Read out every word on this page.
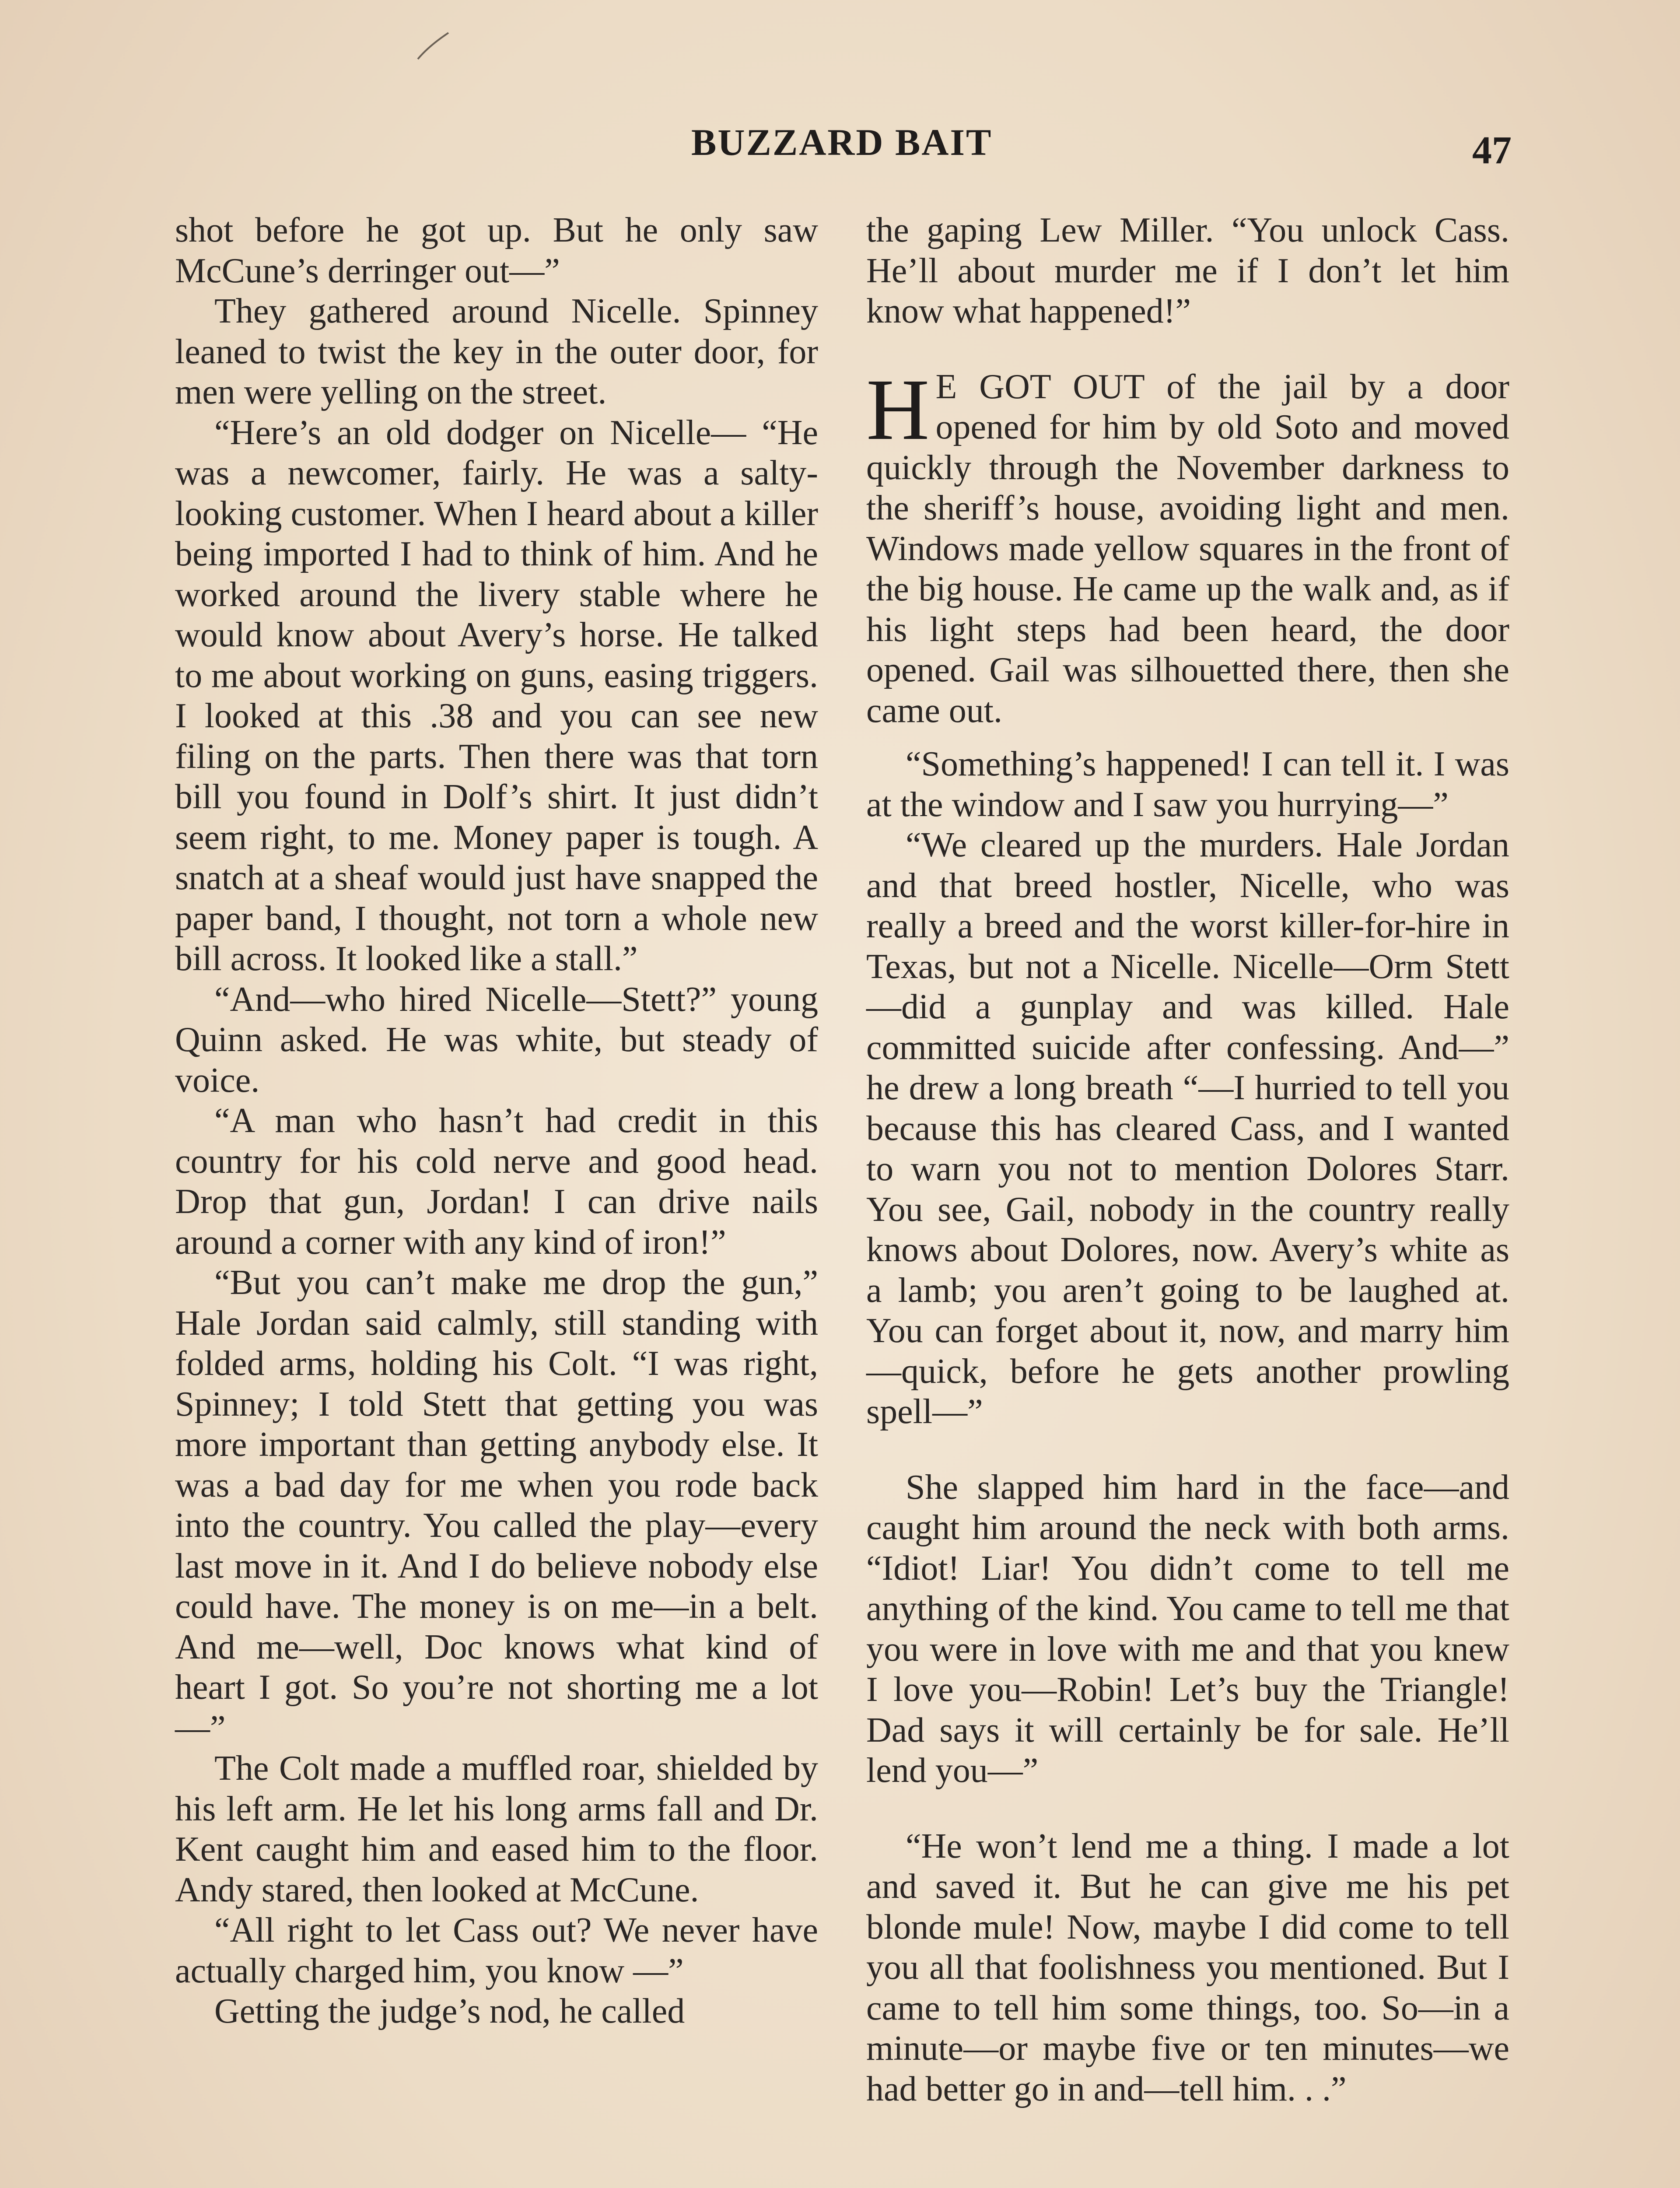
BUZZARD BAIT	47

shot before he got up. But he only saw McCune’s derringer out—”

They gathered around Nicelle. Spinney leaned to twist the key in the outer door, for men were yelling on the street.

“Here’s an old dodger on Nicelle— “He was a newcomer, fairly. He was a salty-looking customer. When I heard about a killer being imported I had to think of him. And he worked around the livery stable where he would know about Avery’s horse. He talked to me about working on guns, easing triggers. I looked at this .38 and you can see new filing on the parts. Then there was that torn bill you found in Dolf’s shirt. It just didn’t seem right, to me. Money paper is tough. A snatch at a sheaf would just have snapped the paper band, I thought, not torn a whole new bill across. It looked like a stall.”

“And—who hired Nicelle—Stett?” young Quinn asked. He was white, but steady of voice.

“A man who hasn’t had credit in this country for his cold nerve and good head. Drop that gun, Jordan! I can drive nails around a corner with any kind of iron!”

“But you can’t make me drop the gun,” Hale Jordan said calmly, still standing with folded arms, holding his Colt. “I was right, Spinney; I told Stett that getting you was more important than getting anybody else. It was a bad day for me when you rode back into the country. You called the play—every last move in it. And I do believe nobody else could have. The money is on me—in a belt. And me—well, Doc knows what kind of heart I got. So you’re not shorting me a lot—”

The Colt made a muffled roar, shielded by his left arm. He let his long arms fall and Dr. Kent caught him and eased him to the floor. Andy stared, then looked at McCune.

“All right to let Cass out? We never have actually charged him, you know —”

Getting the judge’s nod, he called

the gaping Lew Miller. “You unlock Cass. He’ll about murder me if I don’t let him know what happened!”

H E GOT OUT of the jail by a door opened for him by old Soto and moved quickly through the November darkness to the sheriff’s house, avoiding light and men. Windows made yellow squares in the front of the big house. He came up the walk and, as if his light steps had been heard, the door opened. Gail was silhouetted there, then she came out.

“Something’s happened! I can tell it. I was at the window and I saw you hurrying—”

“We cleared up the murders. Hale Jordan and that breed hostler, Nicelle, who was really a breed and the worst killer-for-hire in Texas, but not a Nicelle. Nicelle—Orm Stett—did a gunplay and was killed. Hale committed suicide after confessing. And—” he drew a long breath “—I hurried to tell you because this has cleared Cass, and I wanted to warn you not to mention Dolores Starr. You see, Gail, nobody in the country really knows about Dolores, now. Avery’s white as a lamb; you aren’t going to be laughed at. You can forget about it, now, and marry him—quick, before he gets another prowling spell—”

She slapped him hard in the face—and caught him around the neck with both arms. “Idiot! Liar! You didn’t come to tell me anything of the kind. You came to tell me that you were in love with me and that you knew I love you—Robin! Let’s buy the Triangle! Dad says it will certainly be for sale. He’ll lend you—”

“He won’t lend me a thing. I made a lot and saved it. But he can give me his pet blonde mule! Now, maybe I did come to tell you all that foolishness you mentioned. But I came to tell him some things, too. So—in a minute—or maybe five or ten minutes—we had better go in and—tell him. . .”
